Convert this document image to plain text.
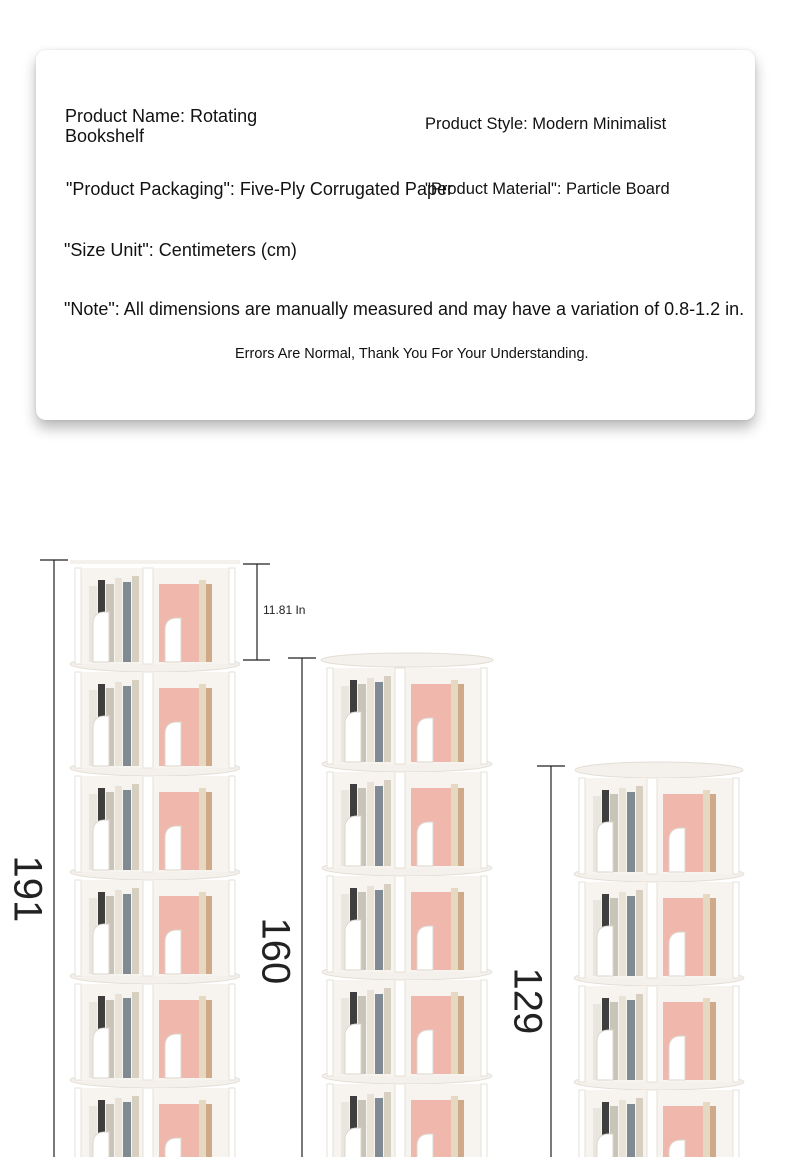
Product Name: Rotating Bookshelf
Product Style: Modern Minimalist
"Product Packaging": Five-Ply Corrugated Paper
"Product Material": Particle Board
"Size Unit": Centimeters (cm)
"Note": All dimensions are manually measured and may have a variation of 0.8-1.2 in.
Errors Are Normal, Thank You For Your Understanding.
191
160
129
11.81 In
